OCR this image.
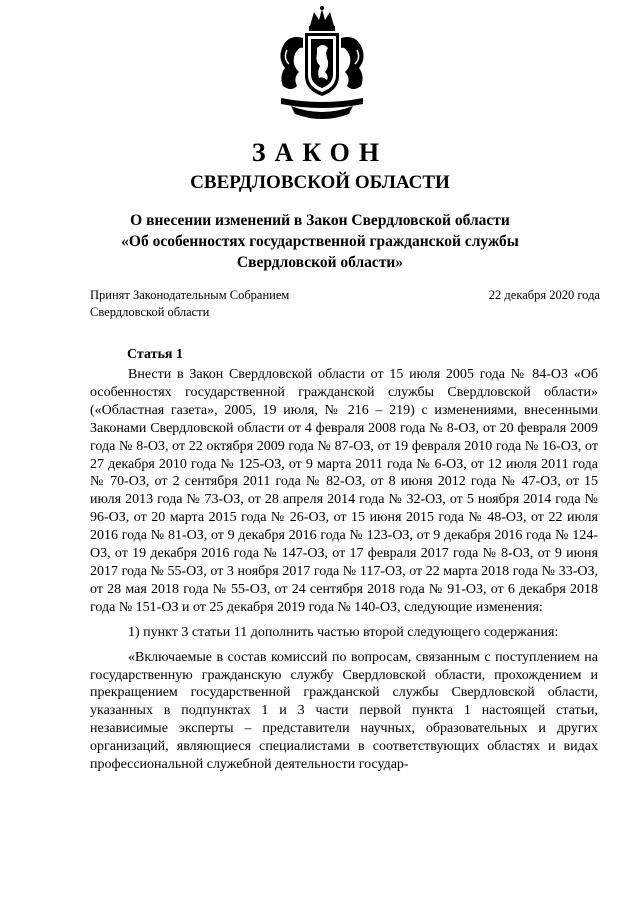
ЗАКОН
СВЕРДЛОВСКОЙ ОБЛАСТИ
О внесении изменений в Закон Свердловской области
«Об особенностях государственной гражданской службы
Свердловской области»
Принят Законодательным Собранием
Свердловской области
22 декабря 2020 года
Статья 1

Внести в Закон Свердловской области от 15 июля 2005 года № 84-ОЗ «Об особенностях государственной гражданской службы Свердловской области» («Областная газета», 2005, 19 июля, № 216 – 219) с изменениями, внесенными Законами Свердловской области от 4 февраля 2008 года № 8-ОЗ, от 20 февраля 2009 года № 8-ОЗ, от 22 октября 2009 года № 87-ОЗ, от 19 февраля 2010 года № 16-ОЗ, от 27 декабря 2010 года № 125-ОЗ, от 9 марта 2011 года № 6-ОЗ, от 12 июля 2011 года № 70-ОЗ, от 2 сентября 2011 года № 82-ОЗ, от 8 июня 2012 года № 47-ОЗ, от 15 июля 2013 года № 73-ОЗ, от 28 апреля 2014 года № 32-ОЗ, от 5 ноября 2014 года № 96-ОЗ, от 20 марта 2015 года № 26-ОЗ, от 15 июня 2015 года № 48-ОЗ, от 22 июля 2016 года № 81-ОЗ, от 9 декабря 2016 года № 123-ОЗ, от 9 декабря 2016 года № 124-ОЗ, от 19 декабря 2016 года № 147-ОЗ, от 17 февраля 2017 года № 8-ОЗ, от 9 июня 2017 года № 55-ОЗ, от 3 ноября 2017 года № 117-ОЗ, от 22 марта 2018 года № 33-ОЗ, от 28 мая 2018 года № 55-ОЗ, от 24 сентября 2018 года № 91-ОЗ, от 6 декабря 2018 года № 151-ОЗ и от 25 декабря 2019 года № 140-ОЗ, следующие изменения:

1) пункт 3 статьи 11 дополнить частью второй следующего содержания:

«Включаемые в состав комиссий по вопросам, связанным с поступлением на государственную гражданскую службу Свердловской области, прохождением и прекращением государственной гражданской службы Свердловской области, указанных в подпунктах 1 и 3 части первой пункта 1 настоящей статьи, независимые эксперты – представители научных, образовательных и других организаций, являющиеся специалистами в соответствующих областях и видах профессиональной служебной деятельности государ-
